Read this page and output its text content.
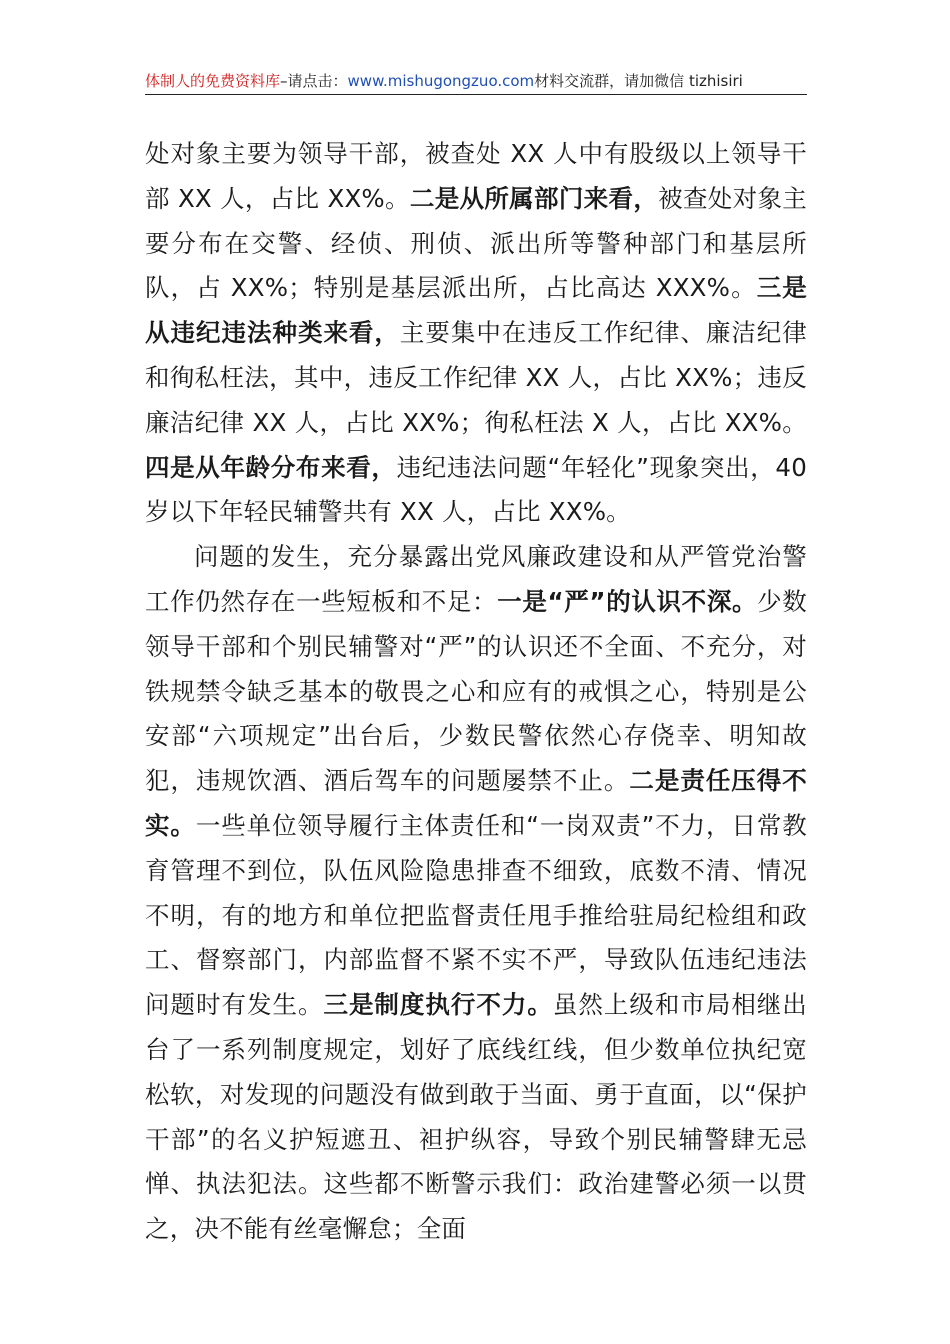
体制人的免费资料库–请点击：www.mishugongzuo.com材料交流群，请加微信 tizhisiri

处对象主要为领导干部，被查处 XX 人中有股级以上领导干部 XX 人，占比 XX%。二是从所属部门来看，被查处对象主要分布在交警、经侦、刑侦、派出所等警种部门和基层所队，占 XX%；特别是基层派出所，占比高达 XXX%。三是从违纪违法种类来看，主要集中在违反工作纪律、廉洁纪律和徇私枉法，其中，违反工作纪律 XX 人，占比 XX%；违反廉洁纪律 XX 人，占比 XX%；徇私枉法 X 人，占比 XX%。四是从年龄分布来看，违纪违法问题“年轻化”现象突出，40 岁以下年轻民辅警共有 XX 人，占比 XX%。

问题的发生，充分暴露出党风廉政建设和从严管党治警工作仍然存在一些短板和不足：一是“严”的认识不深。少数领导干部和个别民辅警对“严”的认识还不全面、不充分，对铁规禁令缺乏基本的敬畏之心和应有的戒惧之心，特别是公安部“六项规定”出台后，少数民警依然心存侥幸、明知故犯，违规饮酒、酒后驾车的问题屡禁不止。二是责任压得不实。一些单位领导履行主体责任和“一岗双责”不力，日常教育管理不到位，队伍风险隐患排查不细致，底数不清、情况不明，有的地方和单位把监督责任甩手推给驻局纪检组和政工、督察部门，内部监督不紧不实不严，导致队伍违纪违法问题时有发生。三是制度执行不力。虽然上级和市局相继出台了一系列制度规定，划好了底线红线，但少数单位执纪宽松软，对发现的问题没有做到敢于当面、勇于直面，以“保护干部”的名义护短遮丑、袒护纵容，导致个别民辅警肆无忌惮、执法犯法。这些都不断警示我们：政治建警必须一以贯之，决不能有丝毫懈怠；全面
